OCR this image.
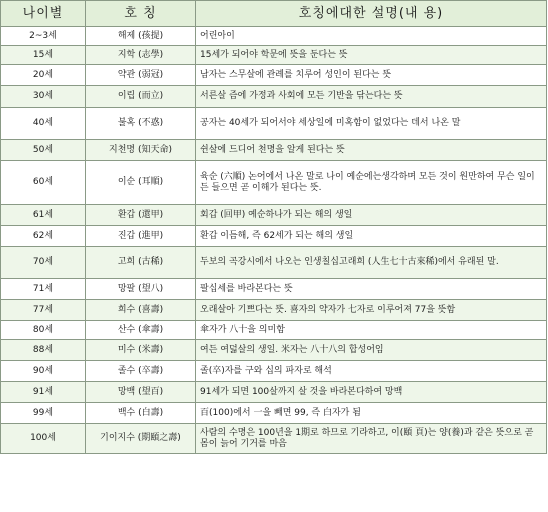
나이별	호 칭	호칭에대한 설명(내 용)
2~3세	해제 (孩提)	어린아이
15세	지학 (志學)	15세가 되어야 학문에 뜻을 둔다는 뜻
20세	약관 (弱冠)	남자는 스무살에 관례를 치루어 성인이 된다는 뜻
30세	이립 (而立)	서른살 즘에 가정과 사회에 모든 기반을 닦는다는 뜻
40세	불혹 (不惑)	공자는 40세가 되어서야 세상일에 미혹함이 없었다는 데서 나온 말
50세	지천명 (知天命)	쉰살에 드디어 천명을 알게 된다는 뜻
60세	이순 (耳順)	육순 (六順) 논어에서 나온 말로 나이 예순에는생각하며 모든 것이 원만하여 무슨 일이든 들으면 곧 이해가 된다는 뜻.
61세	환갑 (還甲)	회갑 (回甲) 예순하나가 되는 해의 생일
62세	진갑 (進甲)	환갑 이듬해, 즉 62세가 되는 해의 생일
70세	고희 (古稀)	두보의 곡강시에서 나오는 인생칠십고래희 (人生七十古來稀)에서 유래된 말.
71세	망팔 (望八)	팔십세를 바라본다는 뜻
77세	희수 (喜壽)	오래살아 기쁘다는 뜻. 喜자의 약자가 七자로 이루어져 77을 뜻함
80세	산수 (傘壽)	傘자가 八十을 의미함
88세	미수 (米壽)	여든 여덟살의 생일. 米자는 八十八의 합성어임
90세	졸수 (卒壽)	졸(卒)자를 구와 십의 파자로 해석
91세	망백 (望百)	91세가 되면 100살까지 살 것을 바라본다하여 망백
99세	백수 (白壽)	百(100)에서 一을 빼면 99, 즉 白자가 됨
100세	기이지수 (期頤之壽)	사람의 수명은 100년을 1期로 하므로 기라하고, 이(頤 頁)는 양(養)과 같은 뜻으로 곧 몸이 늙어 기거를 마음
